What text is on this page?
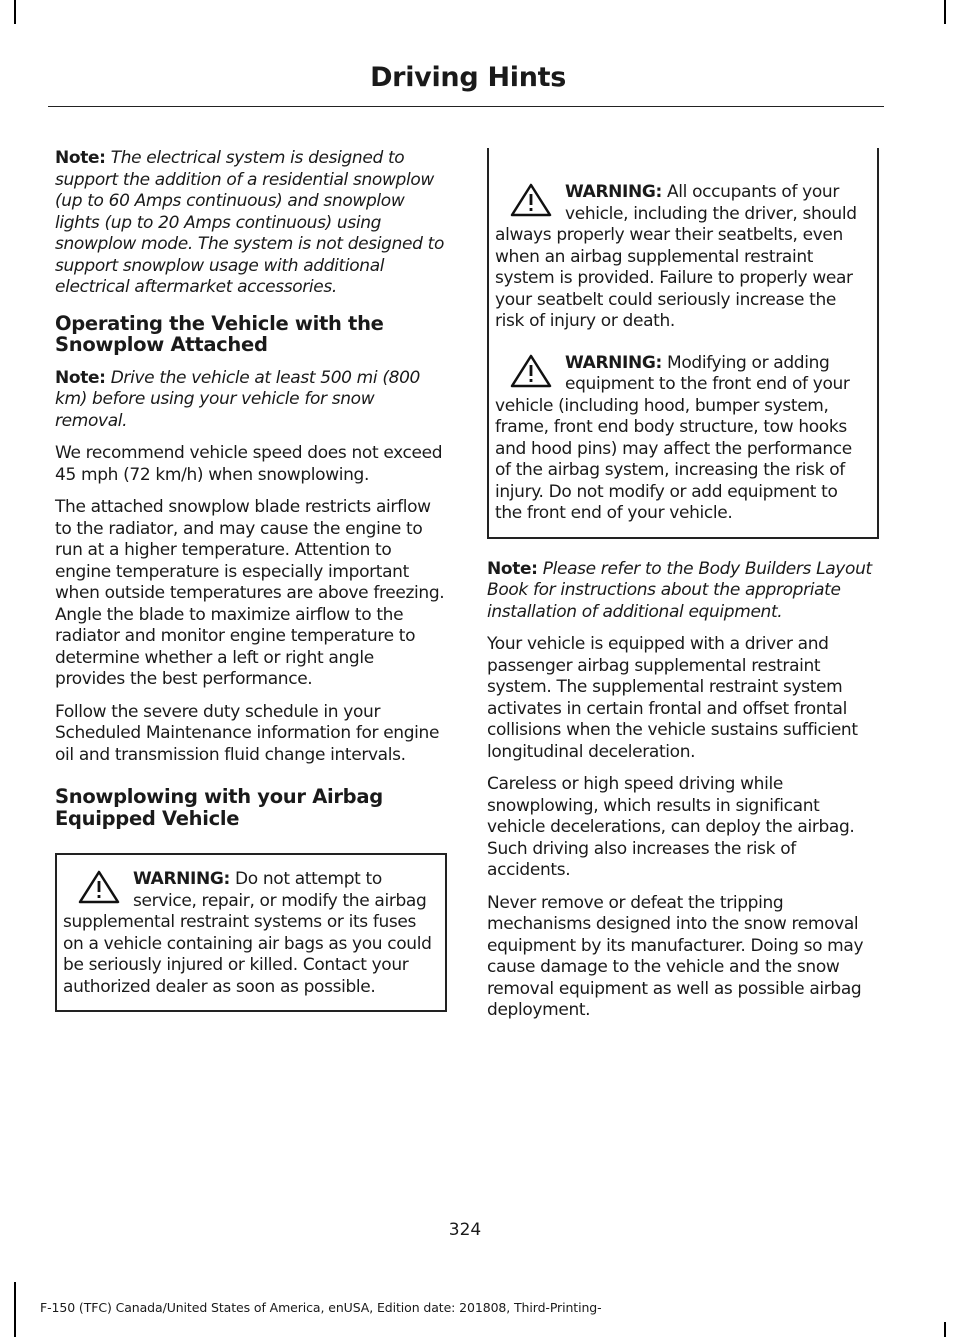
Driving Hints

Note: The electrical system is designed to support the addition of a residential snowplow (up to 60 Amps continuous) and snowplow lights (up to 20 Amps continuous) using snowplow mode. The system is not designed to support snowplow usage with additional electrical aftermarket accessories.

Operating the Vehicle with the Snowplow Attached

Note: Drive the vehicle at least 500 mi (800 km) before using your vehicle for snow removal.

We recommend vehicle speed does not exceed 45 mph (72 km/h) when snowplowing.

The attached snowplow blade restricts airflow to the radiator, and may cause the engine to run at a higher temperature. Attention to engine temperature is especially important when outside temperatures are above freezing. Angle the blade to maximize airflow to the radiator and monitor engine temperature to determine whether a left or right angle provides the best performance.

Follow the severe duty schedule in your Scheduled Maintenance information for engine oil and transmission fluid change intervals.

Snowplowing with your Airbag Equipped Vehicle

WARNING: Do not attempt to service, repair, or modify the airbag supplemental restraint systems or its fuses on a vehicle containing air bags as you could be seriously injured or killed. Contact your authorized dealer as soon as possible.

WARNING: All occupants of your vehicle, including the driver, should always properly wear their seatbelts, even when an airbag supplemental restraint system is provided. Failure to properly wear your seatbelt could seriously increase the risk of injury or death.

WARNING: Modifying or adding equipment to the front end of your vehicle (including hood, bumper system, frame, front end body structure, tow hooks and hood pins) may affect the performance of the airbag system, increasing the risk of injury. Do not modify or add equipment to the front end of your vehicle.

Note: Please refer to the Body Builders Layout Book for instructions about the appropriate installation of additional equipment.

Your vehicle is equipped with a driver and passenger airbag supplemental restraint system. The supplemental restraint system activates in certain frontal and offset frontal collisions when the vehicle sustains sufficient longitudinal deceleration.

Careless or high speed driving while snowplowing, which results in significant vehicle decelerations, can deploy the airbag. Such driving also increases the risk of accidents.

Never remove or defeat the tripping mechanisms designed into the snow removal equipment by its manufacturer. Doing so may cause damage to the vehicle and the snow removal equipment as well as possible airbag deployment.

324
F-150 (TFC) Canada/United States of America, enUSA, Edition date: 201808, Third-Printing-
